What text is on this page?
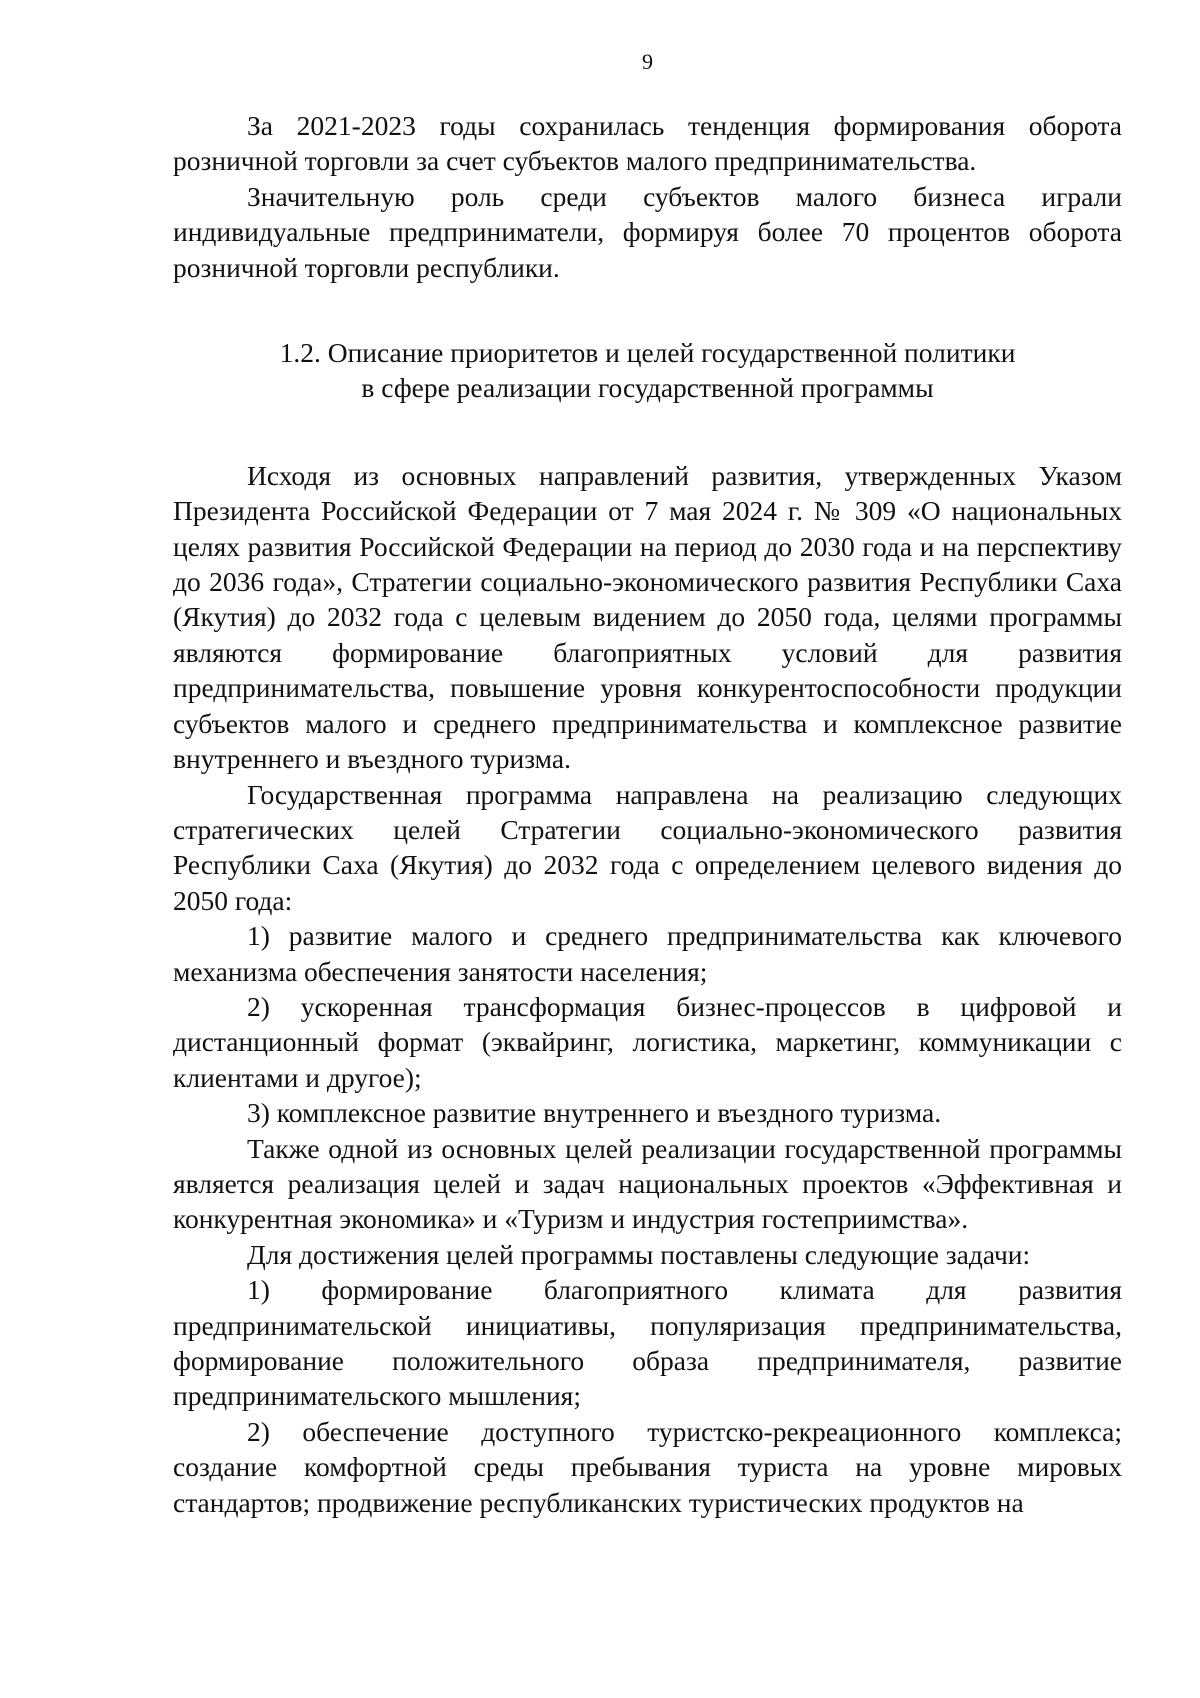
9

За 2021-2023 годы сохранилась тенденция формирования оборота розничной торговли за счет субъектов малого предпринимательства.

Значительную роль среди субъектов малого бизнеса играли индивидуальные предприниматели, формируя более 70 процентов оборота розничной торговли республики.

1.2. Описание приоритетов и целей государственной политики
в сфере реализации государственной программы

Исходя из основных направлений развития, утвержденных Указом Президента Российской Федерации от 7 мая 2024 г. № 309 «О национальных целях развития Российской Федерации на период до 2030 года и на перспективу до 2036 года», Стратегии социально-экономического развития Республики Саха (Якутия) до 2032 года с целевым видением до 2050 года, целями программы являются формирование благоприятных условий для развития предпринимательства, повышение уровня конкурентоспособности продукции субъектов малого и среднего предпринимательства и комплексное развитие внутреннего и въездного туризма.

Государственная программа направлена на реализацию следующих стратегических целей Стратегии социально-экономического развития Республики Саха (Якутия) до 2032 года с определением целевого видения до 2050 года:

1) развитие малого и среднего предпринимательства как ключевого механизма обеспечения занятости населения;

2) ускоренная трансформация бизнес-процессов в цифровой и дистанционный формат (эквайринг, логистика, маркетинг, коммуникации с клиентами и другое);

3) комплексное развитие внутреннего и въездного туризма.

Также одной из основных целей реализации государственной программы является реализация целей и задач национальных проектов «Эффективная и конкурентная экономика» и «Туризм и индустрия гостеприимства».

Для достижения целей программы поставлены следующие задачи:

1) формирование благоприятного климата для развития предпринимательской инициативы, популяризация предпринимательства, формирование положительного образа предпринимателя, развитие предпринимательского мышления;

2) обеспечение доступного туристско-рекреационного комплекса; создание комфортной среды пребывания туриста на уровне мировых стандартов; продвижение республиканских туристических продуктов на
